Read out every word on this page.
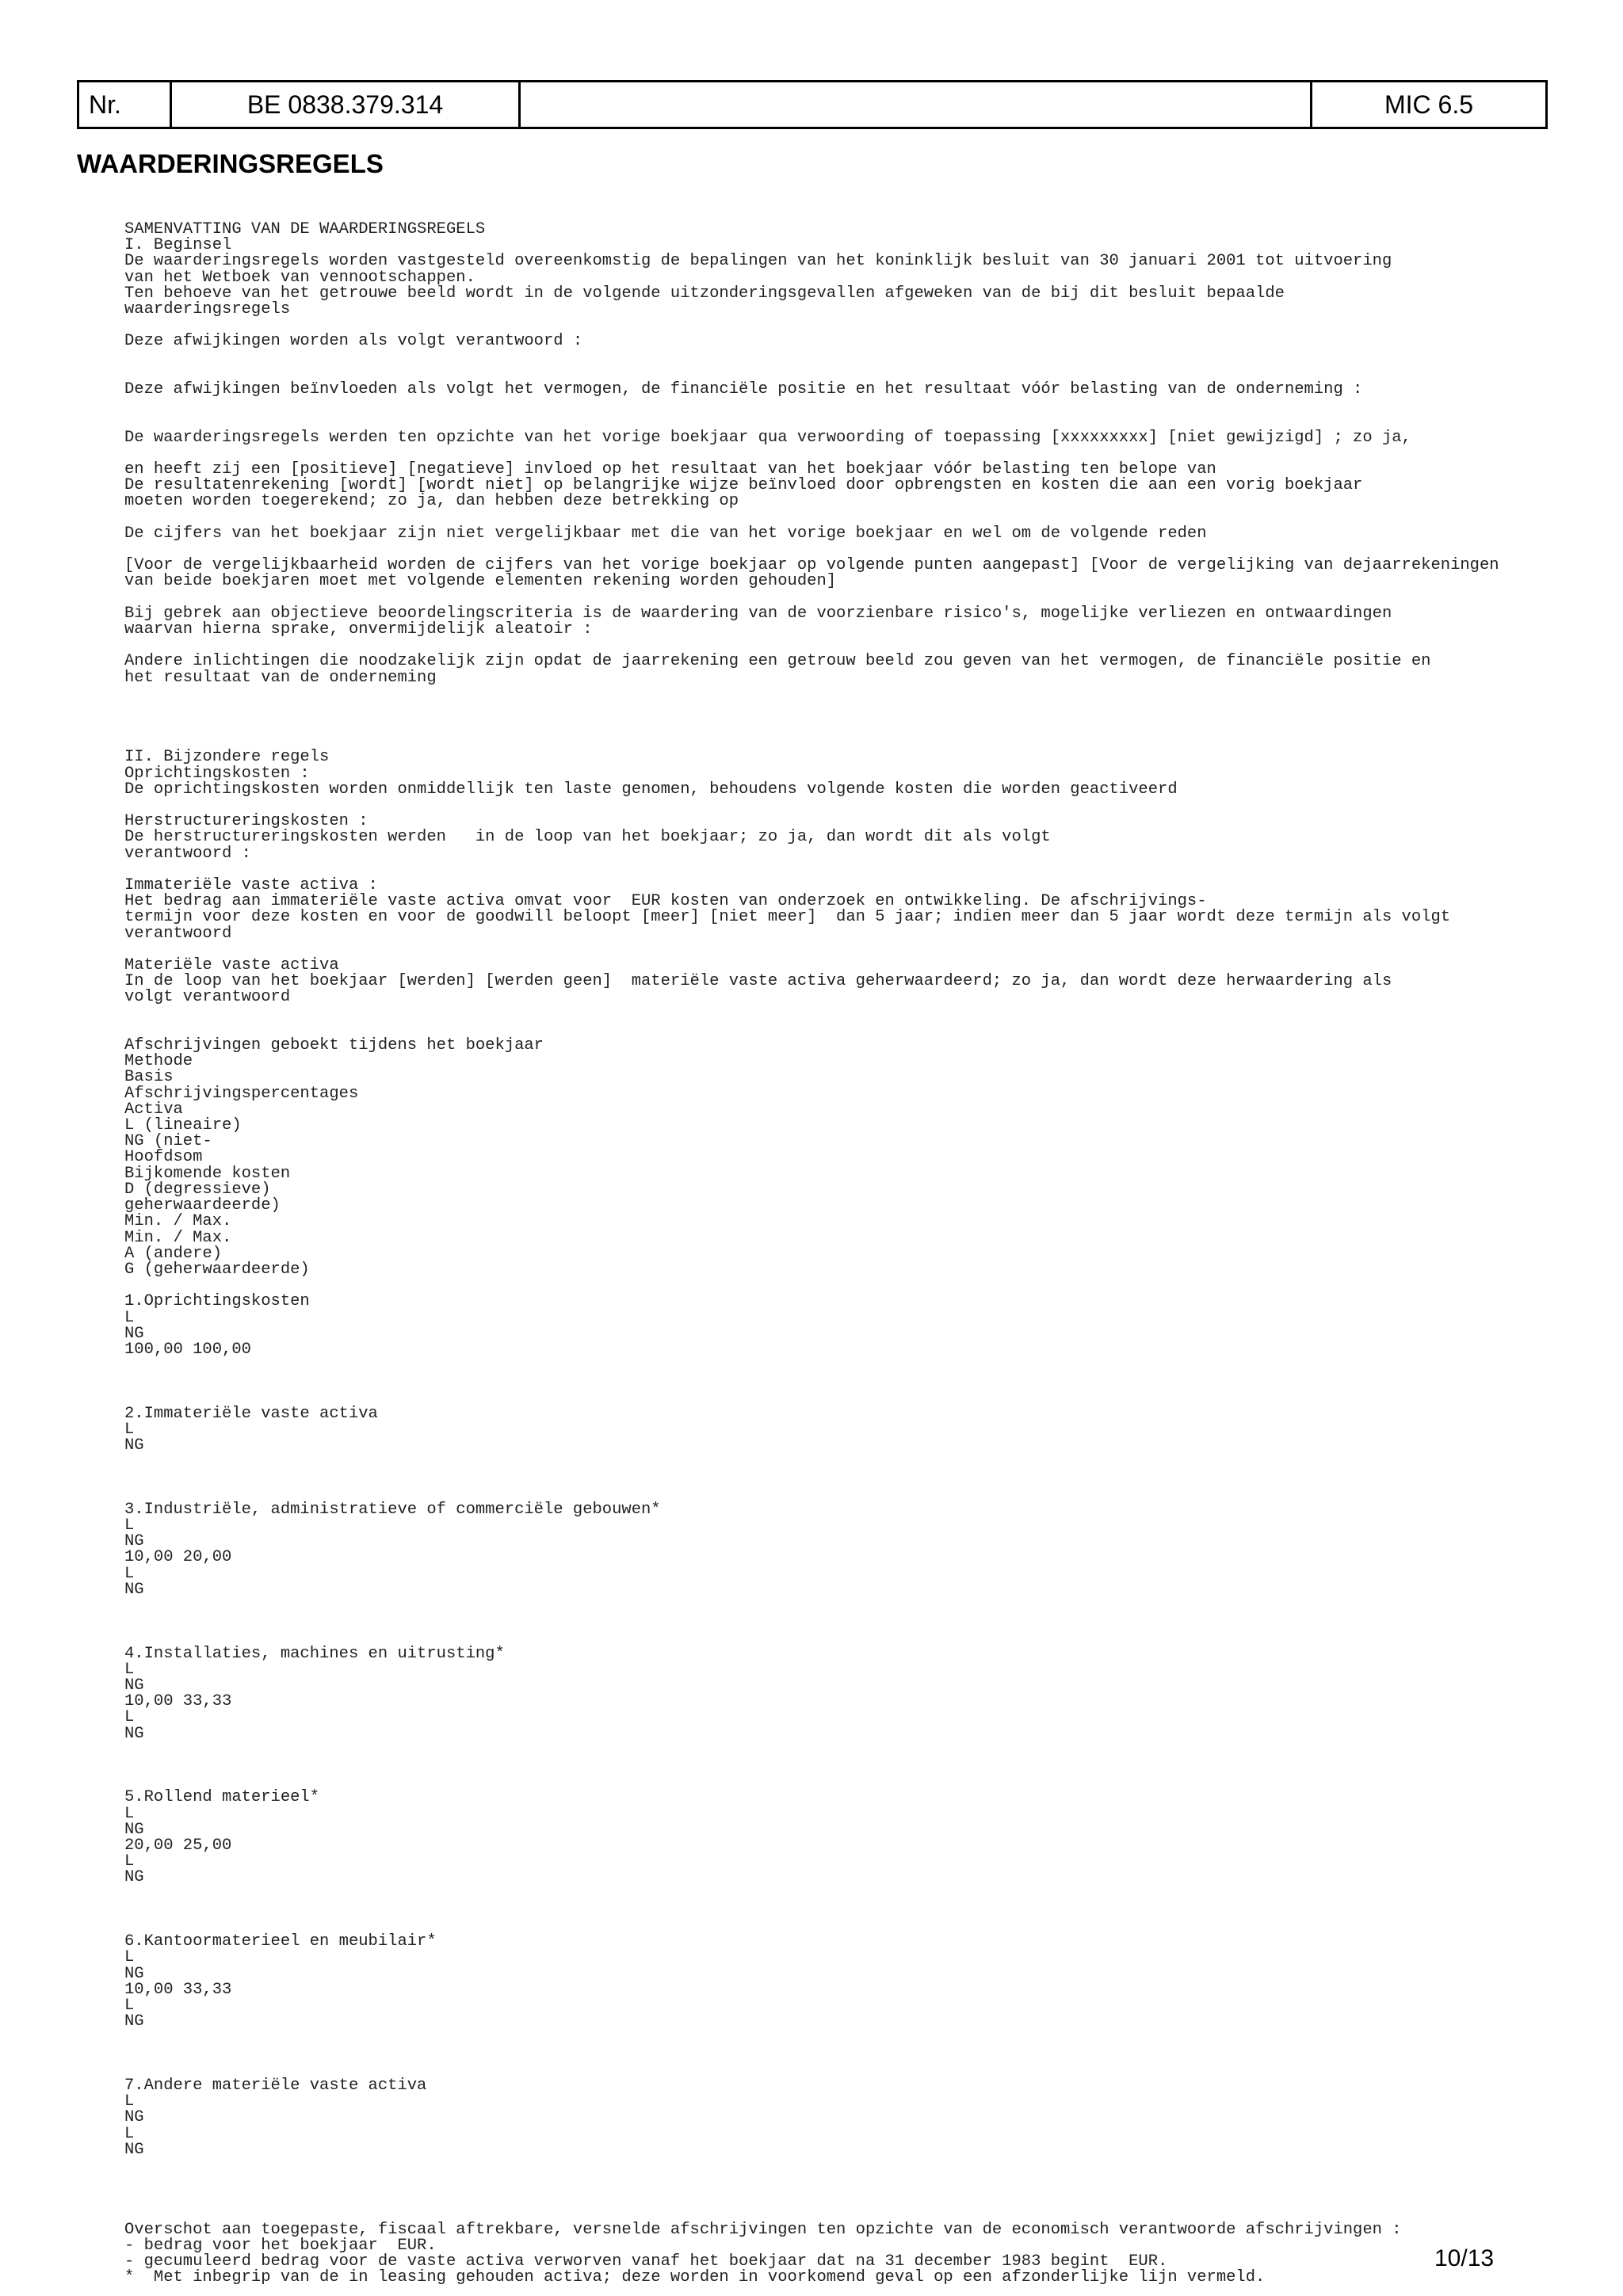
Nr.	BE 0838.379.314	MIC 6.5
WAARDERINGSREGELS
SAMENVATTING VAN DE WAARDERINGSREGELS
I. Beginsel
De waarderingsregels worden vastgesteld overeenkomstig de bepalingen van het koninklijk besluit van 30 januari 2001 tot uitvoering
van het Wetboek van vennootschappen.
Ten behoeve van het getrouwe beeld wordt in de volgende uitzonderingsgevallen afgeweken van de bij dit besluit bepaalde
waarderingsregels
Deze afwijkingen worden als volgt verantwoord :
Deze afwijkingen beïnvloeden als volgt het vermogen, de financiële positie en het resultaat vóór belasting van de onderneming :
De waarderingsregels werden ten opzichte van het vorige boekjaar qua verwoording of toepassing [xxxxxxxxx] [niet gewijzigd] ; zo ja,
en heeft zij een [positieve] [negatieve] invloed op het resultaat van het boekjaar vóór belasting ten belope van
De resultatenrekening [wordt] [wordt niet] op belangrijke wijze beïnvloed door opbrengsten en kosten die aan een vorig boekjaar
moeten worden toegerekend; zo ja, dan hebben deze betrekking op
De cijfers van het boekjaar zijn niet vergelijkbaar met die van het vorige boekjaar en wel om de volgende reden
[Voor de vergelijkbaarheid worden de cijfers van het vorige boekjaar op volgende punten aangepast] [Voor de vergelijking van dejaarrekeningen
van beide boekjaren moet met volgende elementen rekening worden gehouden]
Bij gebrek aan objectieve beoordelingscriteria is de waardering van de voorzienbare risico's, mogelijke verliezen en ontwaardingen
waarvan hierna sprake, onvermijdelijk aleatoir :
Andere inlichtingen die noodzakelijk zijn opdat de jaarrekening een getrouw beeld zou geven van het vermogen, de financiële positie en
het resultaat van de onderneming
II. Bijzondere regels
Oprichtingskosten :
De oprichtingskosten worden onmiddellijk ten laste genomen, behoudens volgende kosten die worden geactiveerd
Herstructureringskosten :
De herstructureringskosten werden   in de loop van het boekjaar; zo ja, dan wordt dit als volgt
verantwoord :
Immateriële vaste activa :
Het bedrag aan immateriële vaste activa omvat voor  EUR kosten van onderzoek en ontwikkeling. De afschrijvings-
termijn voor deze kosten en voor de goodwill beloopt [meer] [niet meer]  dan 5 jaar; indien meer dan 5 jaar wordt deze termijn als volgt
verantwoord
Materiële vaste activa
In de loop van het boekjaar [werden] [werden geen]  materiële vaste activa geherwaardeerd; zo ja, dan wordt deze herwaardering als
volgt verantwoord
Afschrijvingen geboekt tijdens het boekjaar
Methode
Basis
Afschrijvingspercentages
Activa
L (lineaire)
NG (niet-
Hoofdsom
Bijkomende kosten
D (degressieve)
geherwaardeerde)
Min. / Max.
Min. / Max.
A (andere)
G (geherwaardeerde)
1.Oprichtingskosten
L
NG
100,00 100,00
2.Immateriële vaste activa
L
NG
3.Industriële, administratieve of commerciële gebouwen*
L
NG
10,00 20,00
L
NG
4.Installaties, machines en uitrusting*
L
NG
10,00 33,33
L
NG
5.Rollend materieel*
L
NG
20,00 25,00
L
NG
6.Kantoormaterieel en meubilair*
L
NG
10,00 33,33
L
NG
7.Andere materiële vaste activa
L
NG
L
NG
Overschot aan toegepaste, fiscaal aftrekbare, versnelde afschrijvingen ten opzichte van de economisch verantwoorde afschrijvingen :
- bedrag voor het boekjaar  EUR.
- gecumuleerd bedrag voor de vaste activa verworven vanaf het boekjaar dat na 31 december 1983 begint  EUR.
*  Met inbegrip van de in leasing gehouden activa; deze worden in voorkomend geval op een afzonderlijke lijn vermeld.
10/13
